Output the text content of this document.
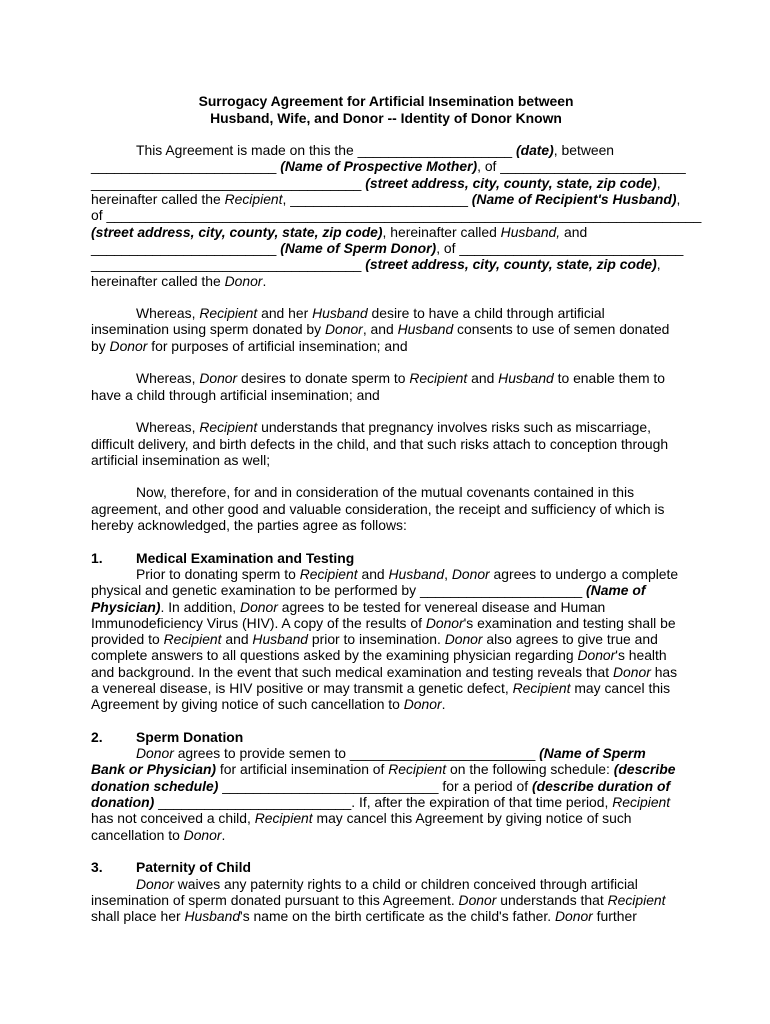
Surrogacy Agreement for Artificial Insemination between
Husband, Wife, and Donor -- Identity of Donor Known
This Agreement is made on this the ____________________ (date), between
________________________ (Name of Prospective Mother), of ________________________
___________________________________ (street address, city, county, state, zip code),
hereinafter called the Recipient, _______________________ (Name of Recipient's Husband),
of _____________________________________________________________________________
(street address, city, county, state, zip code), hereinafter called Husband, and
________________________ (Name of Sperm Donor), of _____________________________
___________________________________ (street address, city, county, state, zip code),
hereinafter called the Donor.

Whereas, Recipient and her Husband desire to have a child through artificial insemination using sperm donated by Donor, and Husband consents to use of semen donated by Donor for purposes of artificial insemination; and

Whereas, Donor desires to donate sperm to Recipient and Husband to enable them to have a child through artificial insemination; and

Whereas, Recipient understands that pregnancy involves risks such as miscarriage, difficult delivery, and birth defects in the child, and that such risks attach to conception through artificial insemination as well;

Now, therefore, for and in consideration of the mutual covenants contained in this agreement, and other good and valuable consideration, the receipt and sufficiency of which is hereby acknowledged, the parties agree as follows:

1. Medical Examination and Testing

Prior to donating sperm to Recipient and Husband, Donor agrees to undergo a complete physical and genetic examination to be performed by _____________________ (Name of Physician). In addition, Donor agrees to be tested for venereal disease and Human Immunodeficiency Virus (HIV). A copy of the results of Donor's examination and testing shall be provided to Recipient and Husband prior to insemination. Donor also agrees to give true and complete answers to all questions asked by the examining physician regarding Donor's health and background. In the event that such medical examination and testing reveals that Donor has a venereal disease, is HIV positive or may transmit a genetic defect, Recipient may cancel this Agreement by giving notice of such cancellation to Donor.

2. Sperm Donation

Donor agrees to provide semen to ________________________ (Name of Sperm Bank or Physician) for artificial insemination of Recipient on the following schedule: (describe donation schedule) ____________________________ for a period of (describe duration of donation) _________________________. If, after the expiration of that time period, Recipient has not conceived a child, Recipient may cancel this Agreement by giving notice of such cancellation to Donor.

3. Paternity of Child

Donor waives any paternity rights to a child or children conceived through artificial insemination of sperm donated pursuant to this Agreement. Donor understands that Recipient shall place her Husband's name on the birth certificate as the child's father. Donor further
